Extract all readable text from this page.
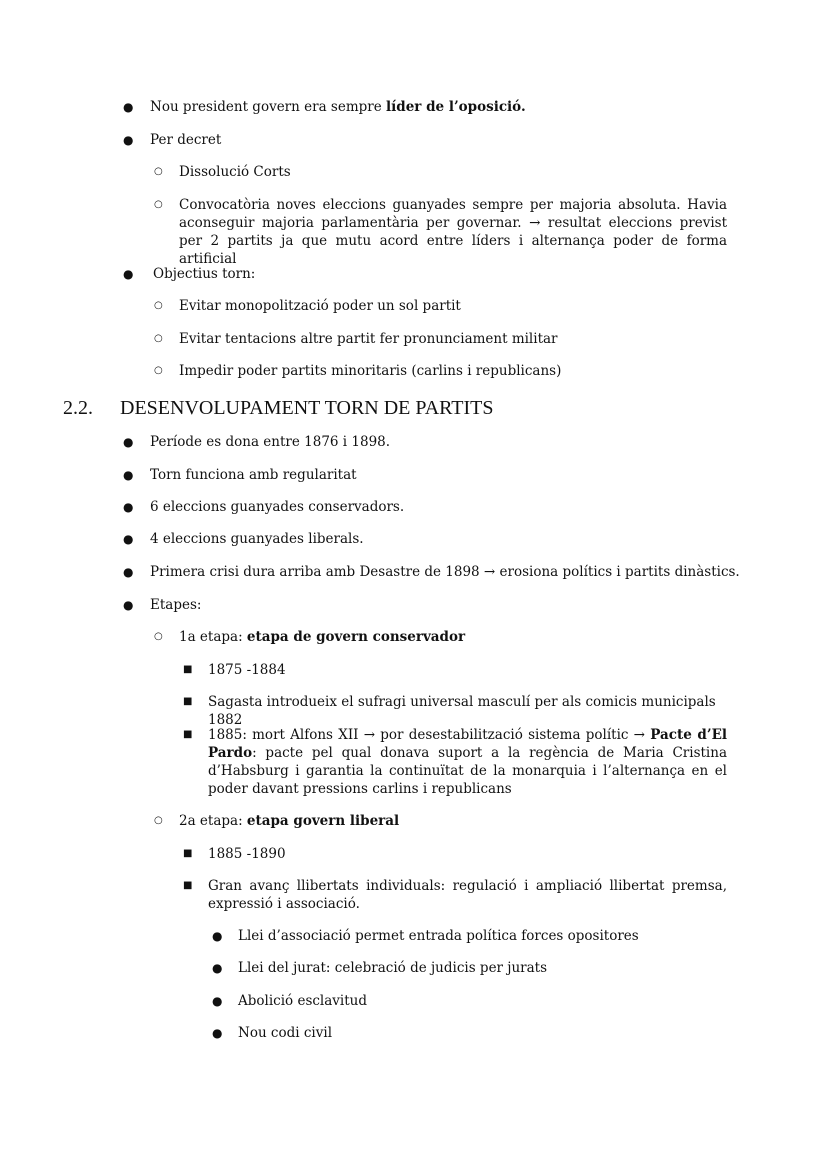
● Nou president govern era sempre líder de l’oposició.

● Per decret

○ Dissolució Corts

○ Convocatòria noves eleccions guanyades sempre per majoria absoluta. Havia aconseguir majoria parlamentària per governar. → resultat eleccions previst per 2 partits ja que mutu acord entre líders i alternança poder de forma artificial

● Objectius torn:

○ Evitar monopolització poder un sol partit

○ Evitar tentacions altre partit fer pronunciament militar

○ Impedir poder partits minoritaris (carlins i republicans)

2.2. DESENVOLUPAMENT TORN DE PARTITS
● Període es dona entre 1876 i 1898.

● Torn funciona amb regularitat

● 6 eleccions guanyades conservadors.

● 4 eleccions guanyades liberals.

● Primera crisi dura arriba amb Desastre de 1898 → erosiona polítics i partits dinàstics.

● Etapes:

○ 1a etapa: etapa de govern conservador

■ 1875 -1884

■ Sagasta introdueix el sufragi universal masculí per als comicis municipals 1882

■ 1885: mort Alfons XII → por desestabilització sistema polític → Pacte d’El Pardo: pacte pel qual donava suport a la regència de Maria Cristina d’Habsburg i garantia la continuïtat de la monarquia i l’alternança en el poder davant pressions carlins i republicans

○ 2a etapa: etapa govern liberal

■ 1885 -1890

■ Gran avanç llibertats individuals: regulació i ampliació llibertat premsa, expressió i associació.

● Llei d’associació permet entrada política forces opositores

● Llei del jurat: celebració de judicis per jurats

● Abolició esclavitud

● Nou codi civil
